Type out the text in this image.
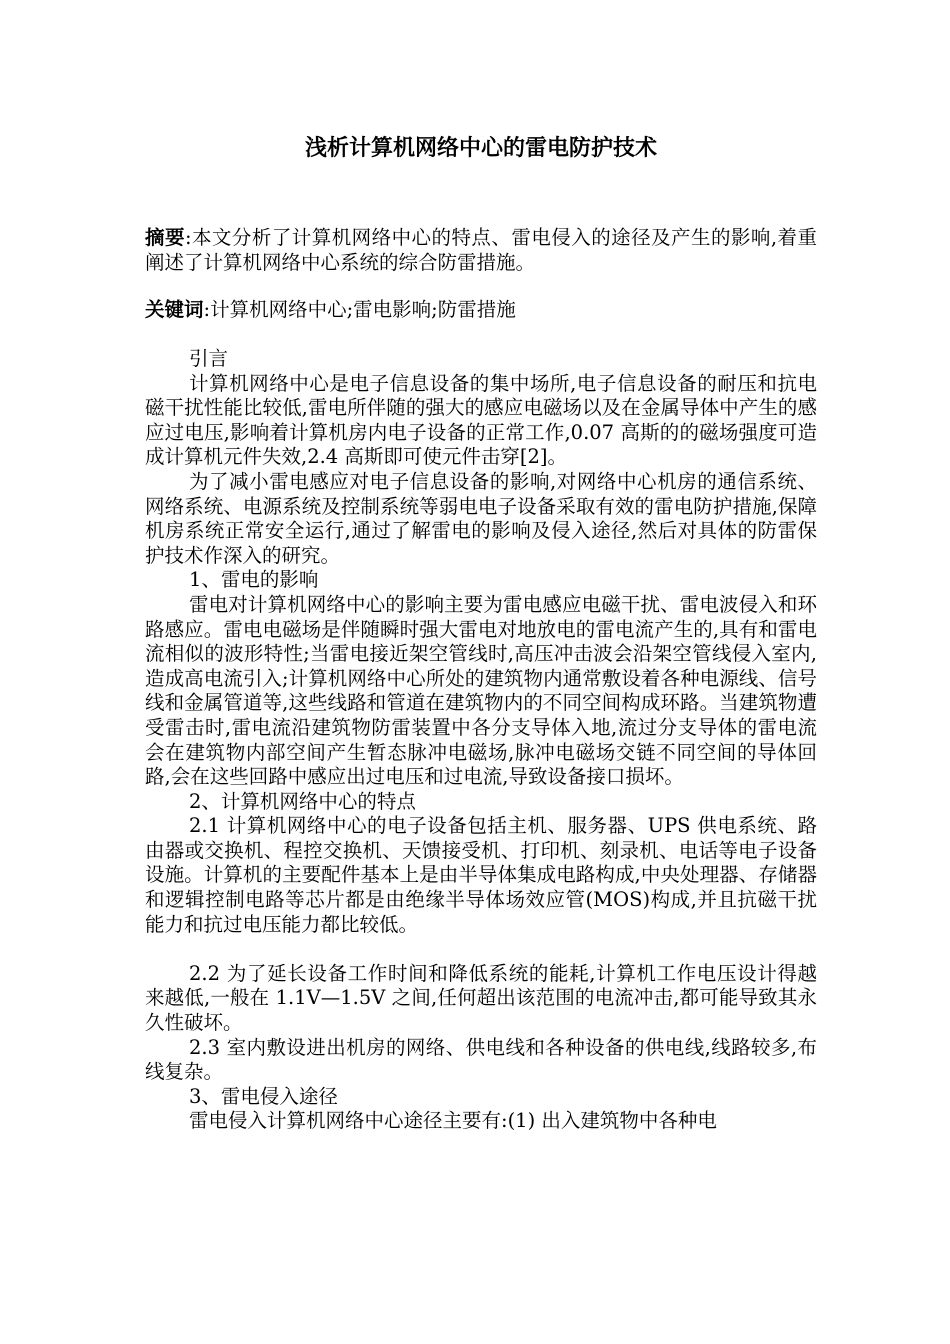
浅析计算机网络中心的雷电防护技术
摘要:本文分析了计算机网络中心的特点、雷电侵入的途径及产生的影响,着重阐述了计算机网络中心系统的综合防雷措施。
关键词:计算机网络中心;雷电影响;防雷措施

引言

计算机网络中心是电子信息设备的集中场所,电子信息设备的耐压和抗电磁干扰性能比较低,雷电所伴随的强大的感应电磁场以及在金属导体中产生的感应过电压,影响着计算机房内电子设备的正常工作,0.07 高斯的的磁场强度可造成计算机元件失效,2.4 高斯即可使元件击穿[2]。

为了减小雷电感应对电子信息设备的影响,对网络中心机房的通信系统、网络系统、电源系统及控制系统等弱电电子设备采取有效的雷电防护措施,保障机房系统正常安全运行,通过了解雷电的影响及侵入途径,然后对具体的防雷保护技术作深入的研究。

1、雷电的影响

雷电对计算机网络中心的影响主要为雷电感应电磁干扰、雷电波侵入和环路感应。雷电电磁场是伴随瞬时强大雷电对地放电的雷电流产生的,具有和雷电流相似的波形特性;当雷电接近架空管线时,高压冲击波会沿架空管线侵入室内,造成高电流引入;计算机网络中心所处的建筑物内通常敷设着各种电源线、信号线和金属管道等,这些线路和管道在建筑物内的不同空间构成环路。当建筑物遭受雷击时,雷电流沿建筑物防雷装置中各分支导体入地,流过分支导体的雷电流会在建筑物内部空间产生暂态脉冲电磁场,脉冲电磁场交链不同空间的导体回路,会在这些回路中感应出过电压和过电流,导致设备接口损坏。

2、计算机网络中心的特点

2.1 计算机网络中心的电子设备包括主机、服务器、UPS 供电系统、路由器或交换机、程控交换机、天馈接受机、打印机、刻录机、电话等电子设备设施。计算机的主要配件基本上是由半导体集成电路构成,中央处理器、存储器和逻辑控制电路等芯片都是由绝缘半导体场效应管(MOS)构成,并且抗磁干扰能力和抗过电压能力都比较低。

2.2 为了延长设备工作时间和降低系统的能耗,计算机工作电压设计得越来越低,一般在 1.1V—1.5V 之间,任何超出该范围的电流冲击,都可能导致其永久性破坏。

2.3 室内敷设进出机房的网络、供电线和各种设备的供电线,线路较多,布线复杂。

3、雷电侵入途径

雷电侵入计算机网络中心途径主要有:(1) 出入建筑物中各种电
